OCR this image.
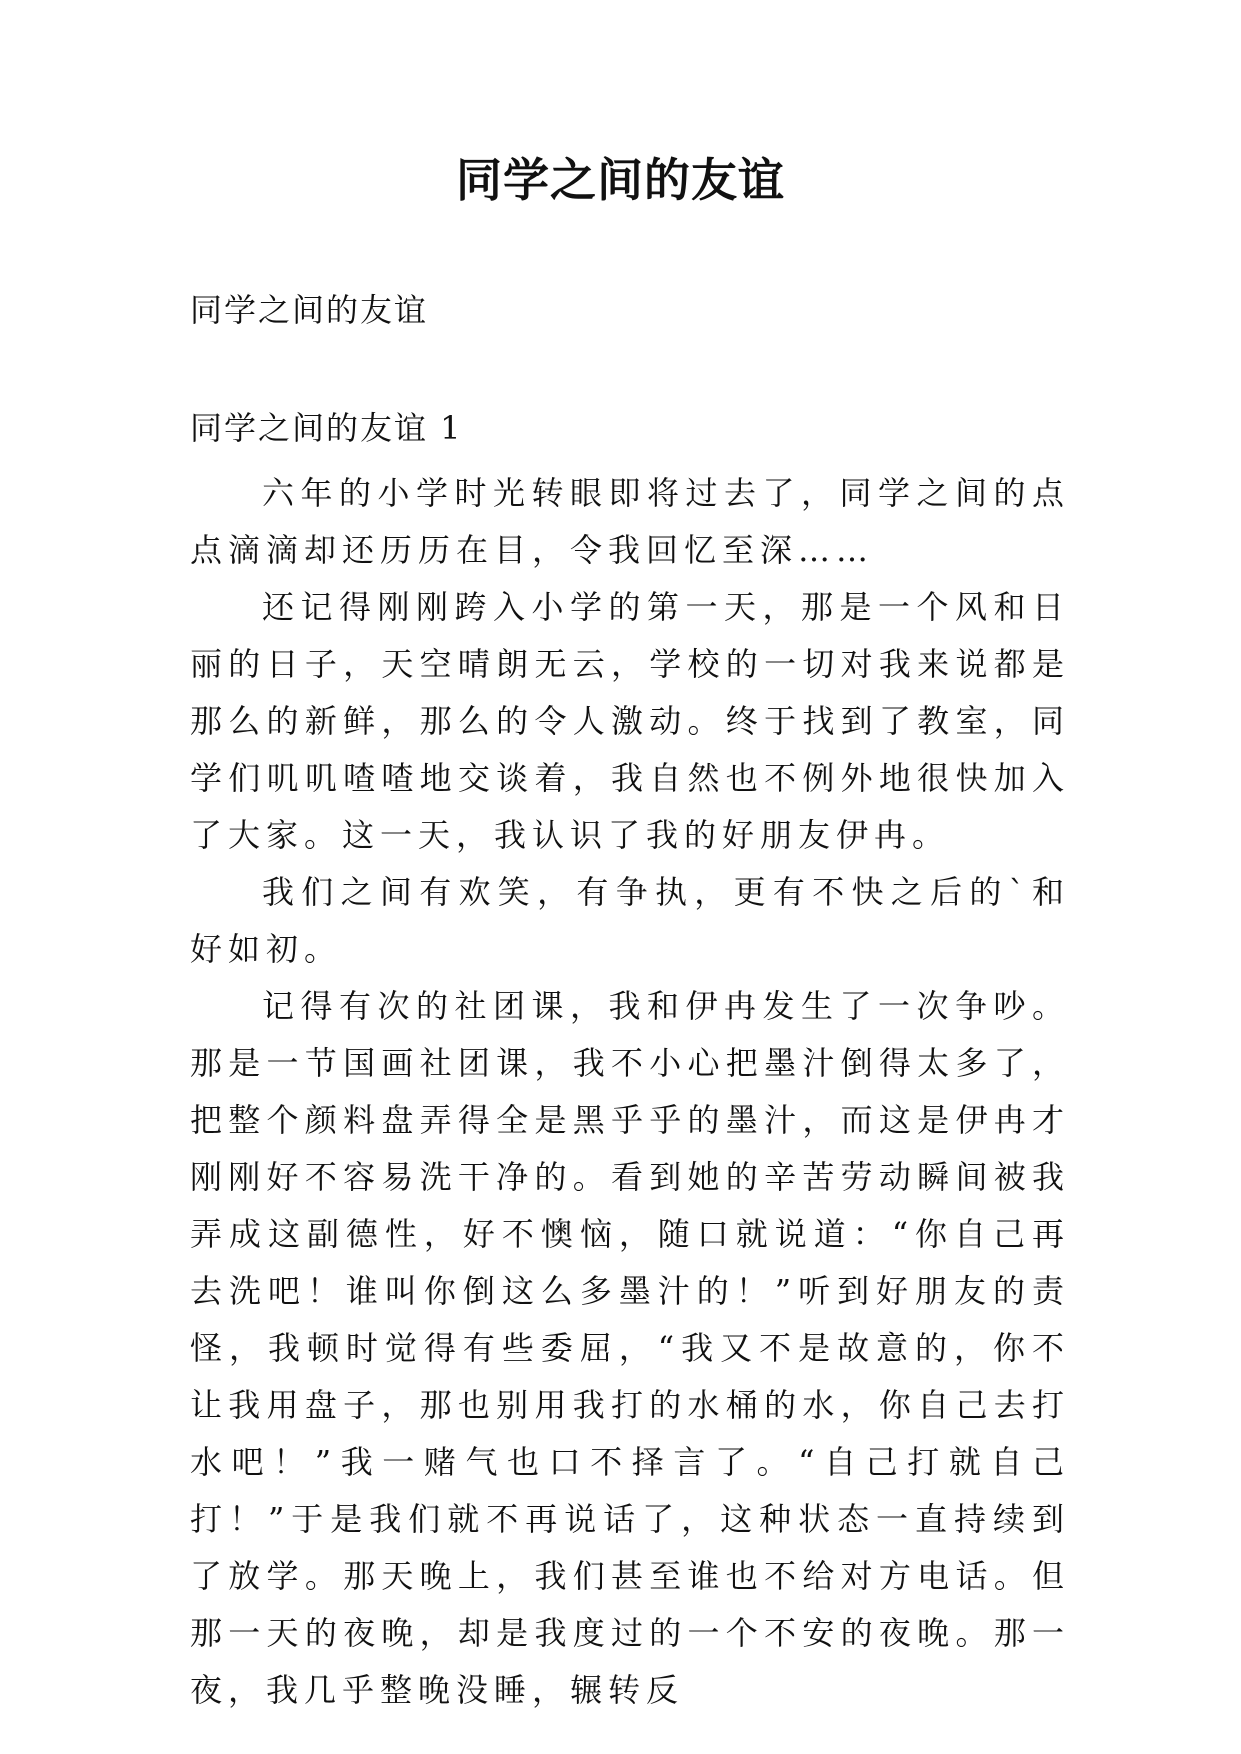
同学之间的友谊
同学之间的友谊
同学之间的友谊 1

六年的小学时光转眼即将过去了，同学之间的点点滴滴却还历历在目，令我回忆至深……

还记得刚刚跨入小学的第一天，那是一个风和日丽的日子，天空晴朗无云，学校的一切对我来说都是那么的新鲜，那么的令人激动。终于找到了教室，同学们叽叽喳喳地交谈着，我自然也不例外地很快加入了大家。这一天，我认识了我的好朋友伊冉。

我们之间有欢笑，有争执，更有不快之后的`和好如初。

记得有次的社团课，我和伊冉发生了一次争吵。那是一节国画社团课，我不小心把墨汁倒得太多了，把整个颜料盘弄得全是黑乎乎的墨汁，而这是伊冉才刚刚好不容易洗干净的。看到她的辛苦劳动瞬间被我弄成这副德性，好不懊恼，随口就说道：“你自己再去洗吧！谁叫你倒这么多墨汁的！”听到好朋友的责怪，我顿时觉得有些委屈，“我又不是故意的，你不让我用盘子，那也别用我打的水桶的水，你自己去打水吧！”我一赌气也口不择言了。“自己打就自己打！”于是我们就不再说话了，这种状态一直持续到了放学。那天晚上，我们甚至谁也不给对方电话。但那一天的夜晚，却是我度过的一个不安的夜晚。那一夜，我几乎整晚没睡，辗转反
